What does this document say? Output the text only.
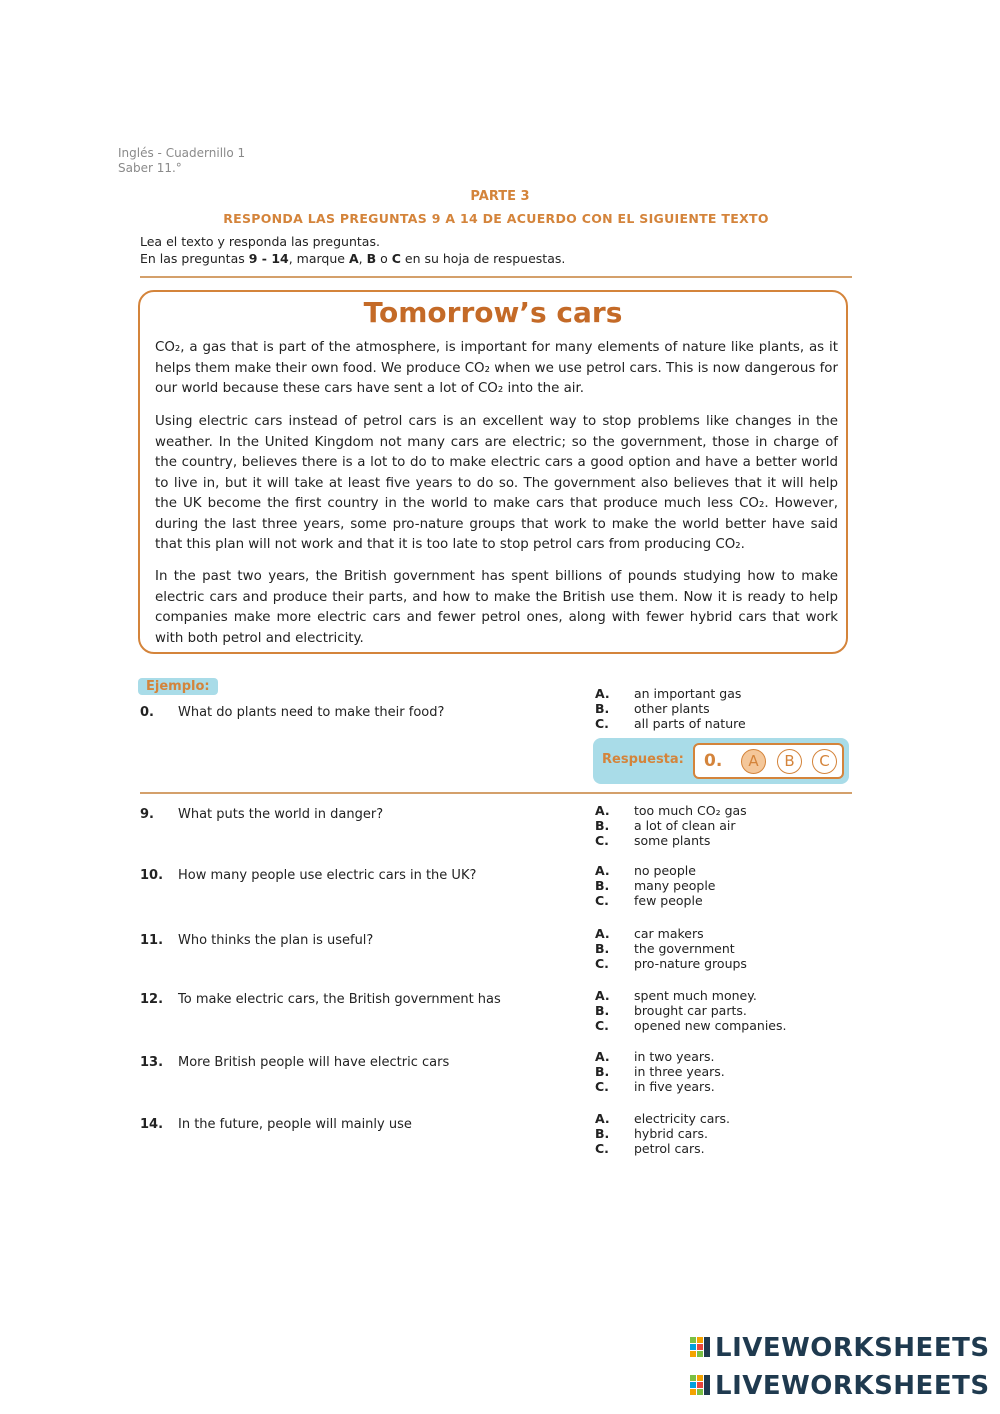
Inglés - Cuadernillo 1
Saber 11.°
PARTE 3
RESPONDA LAS PREGUNTAS 9 A 14 DE ACUERDO CON EL SIGUIENTE TEXTO
Lea el texto y responda las preguntas.
En las preguntas 9 - 14, marque A, B o C en su hoja de respuestas.
Tomorrow’s cars
CO₂, a gas that is part of the atmosphere, is important for many elements of nature like plants, as it helps them make their own food. We produce CO₂ when we use petrol cars. This is now dangerous for our world because these cars have sent a lot of CO₂ into the air.
Using electric cars instead of petrol cars is an excellent way to stop problems like changes in the weather. In the United Kingdom not many cars are electric; so the government, those in charge of the country, believes there is a lot to do to make electric cars a good option and have a better world to live in, but it will take at least five years to do so. The government also believes that it will help the UK become the first country in the world to make cars that produce much less CO₂. However, during the last three years, some pro-nature groups that work to make the world better have said that this plan will not work and that it is too late to stop petrol cars from producing CO₂.
In the past two years, the British government has spent billions of pounds studying how to make electric cars and produce their parts, and how to make the British use them. Now it is ready to help companies make more electric cars and fewer petrol ones, along with fewer hybrid cars that work with both petrol and electricity.
Ejemplo:
0. What do plants need to make their food?
A. an important gas
B. other plants
C. all parts of nature
Respuesta: 0.	A	B	C
9. What puts the world in danger?	A. too much CO₂ gas
B. a lot of clean air
C. some plants
10. How many people use electric cars in the UK?	A. no people
B. many people
C. few people
11. Who thinks the plan is useful?	A. car makers
B. the government
C. pro-nature groups
12. To make electric cars, the British government has	A. spent much money.
B. brought car parts.
C. opened new companies.
13. More British people will have electric cars	A. in two years.
B. in three years.
C. in five years.
14. In the future, people will mainly use	A. electricity cars.
B. hybrid cars.
C. petrol cars.
LIVEWORKSHEETS
LIVEWORKSHEETS
